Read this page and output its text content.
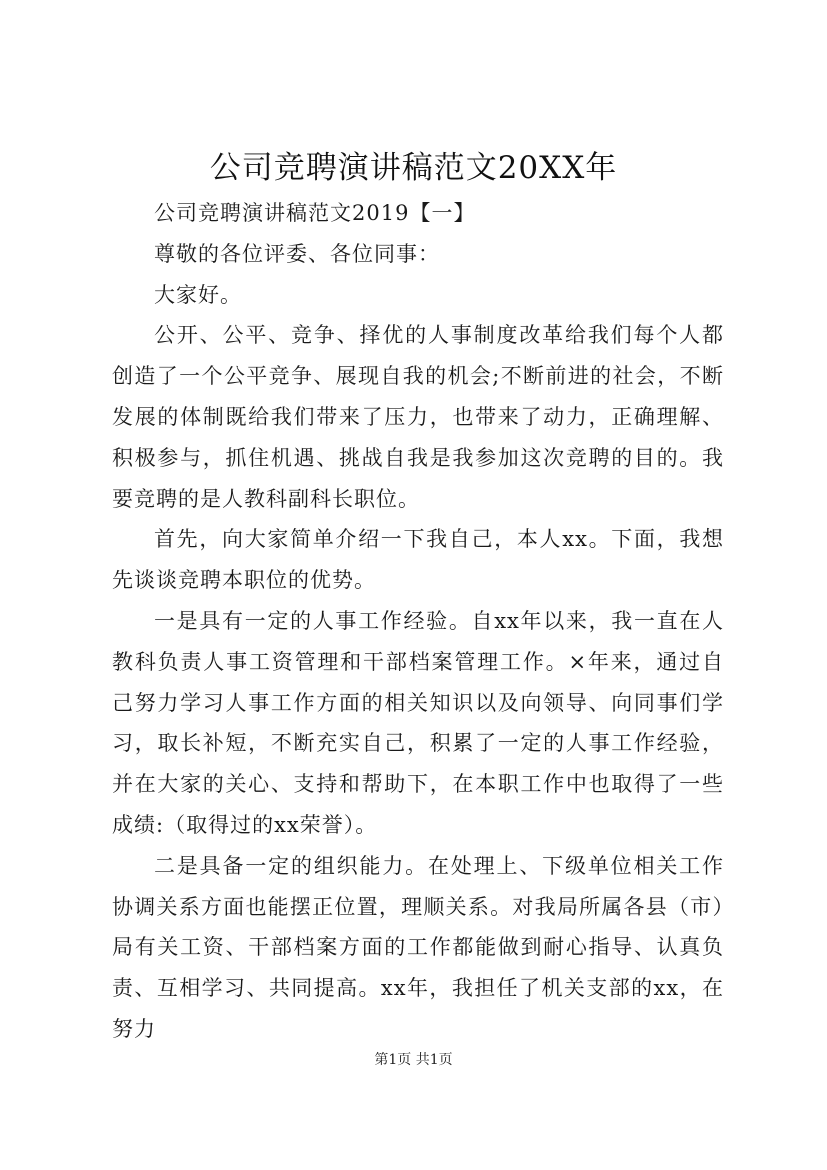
公司竞聘演讲稿范文20XX年

公司竞聘演讲稿范文2019【一】

尊敬的各位评委、各位同事：

大家好。

公开、公平、竞争、择优的人事制度改革给我们每个人都创造了一个公平竞争、展现自我的机会;不断前进的社会，不断发展的体制既给我们带来了压力，也带来了动力，正确理解、积极参与，抓住机遇、挑战自我是我参加这次竞聘的目的。我要竞聘的是人教科副科长职位。

首先，向大家简单介绍一下我自己，本人xx。下面，我想先谈谈竞聘本职位的优势。

一是具有一定的人事工作经验。自xx年以来，我一直在人教科负责人事工资管理和干部档案管理工作。×年来，通过自己努力学习人事工作方面的相关知识以及向领导、向同事们学习，取长补短，不断充实自己，积累了一定的人事工作经验，并在大家的关心、支持和帮助下，在本职工作中也取得了一些成绩:（取得过的xx荣誉）。

二是具备一定的组织能力。在处理上、下级单位相关工作协调关系方面也能摆正位置，理顺关系。对我局所属各县（市）局有关工资、干部档案方面的工作都能做到耐心指导、认真负责、互相学习、共同提高。xx年，我担任了机关支部的xx，在努力

第1页 共1页
